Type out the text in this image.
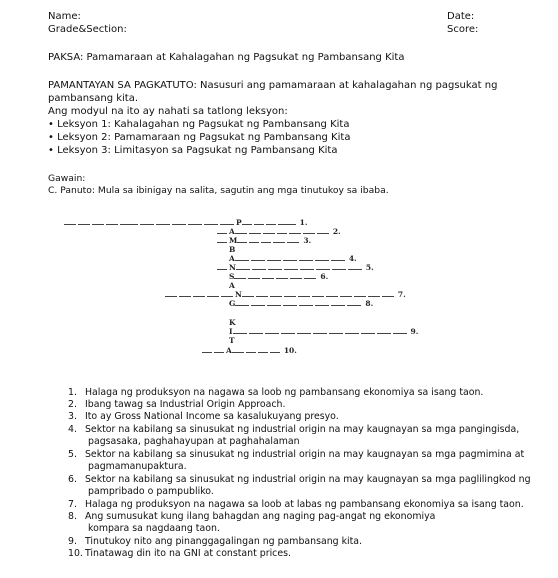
Name:
Grade&Section:
Date:
Score:
PAKSA: Pamamaraan at Kahalagahan ng Pagsukat ng Pambansang Kita
PAMANTAYAN SA PAGKATUTO: Nasusuri ang pamamaraan at kahalagahan ng pagsukat ng
pambansang kita.
Ang modyul na ito ay nahati sa tatlong leksyon:
• Leksyon 1: Kahalagahan ng Pagsukat ng Pambansang Kita
• Leksyon 2: Pamamaraan ng Pagsukat ng Pambansang Kita
• Leksyon 3: Limitasyon sa Pagsukat ng Pambansang Kita
Gawain:
C. Panuto: Mula sa ibinigay na salita, sagutin ang mga tinutukoy sa ibaba.
P	1.
A	2.
M	3.
B
A	4.
N	5.
S	6.
A
N	7.
G	8.
K
I	9.
T
A	10.
1. Halaga ng produksyon na nagawa sa loob ng pambansang ekonomiya sa isang taon.
2. Ibang tawag sa Industrial Origin Approach.
3. Ito ay Gross National Income sa kasalukuyang presyo.
4. Sektor na kabilang sa sinusukat ng industrial origin na may kaugnayan sa mga pangingisda,
pagsasaka, paghahayupan at paghahalaman
5. Sektor na kabilang sa sinusukat ng industrial origin na may kaugnayan sa mga pagmimina at
pagmamanupaktura.
6. Sektor na kabilang sa sinusukat ng industrial origin na may kaugnayan sa mga paglilingkod ng
pampribado o pampubliko.
7. Halaga ng produksyon na nagawa sa loob at labas ng pambansang ekonomiya sa isang taon.
8. Ang sumusukat kung ilang bahagdan ang naging pag-angat ng ekonomiya
kompara sa nagdaang taon.
9. Tinutukoy nito ang pinanggagalingan ng pambansang kita.
10. Tinatawag din ito na GNI at constant prices.
